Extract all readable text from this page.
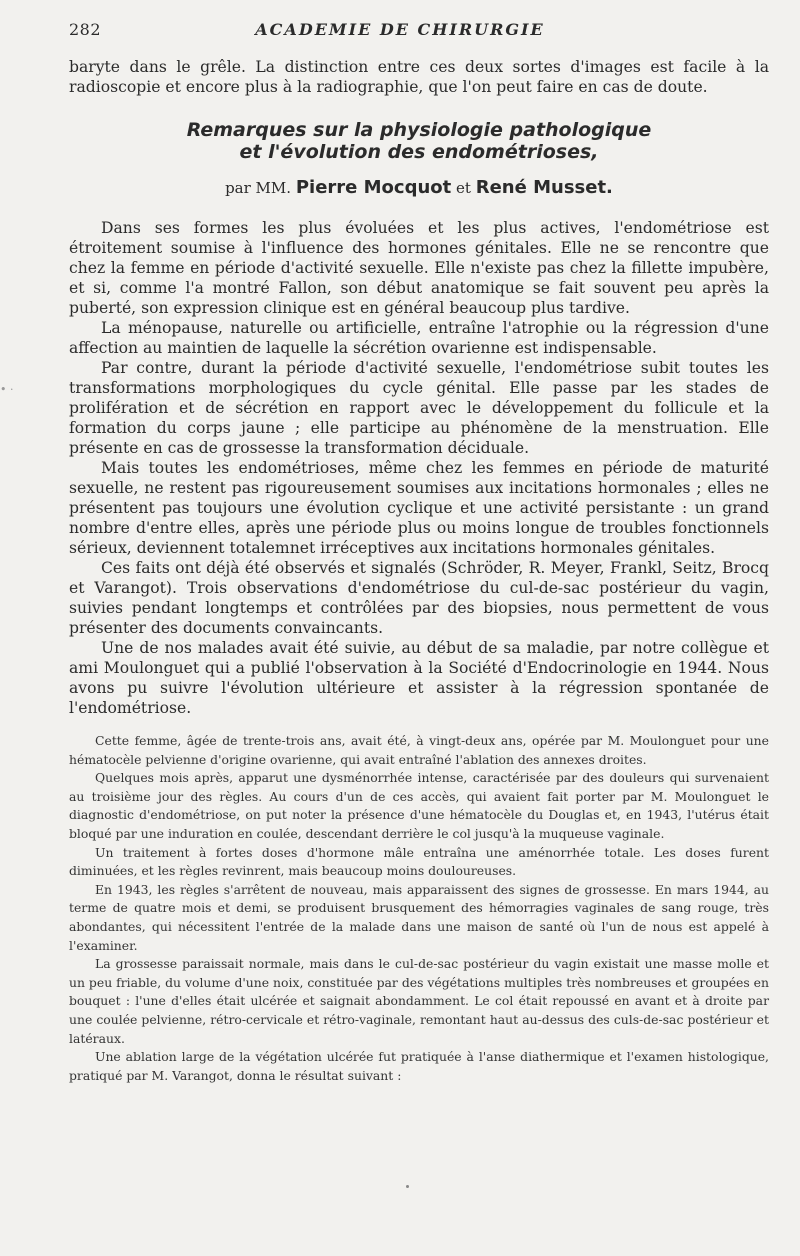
282	ACADEMIE DE CHIRURGIE
• ·

baryte dans le grêle. La distinction entre ces deux sortes d'images est facile à la radioscopie et encore plus à la radiographie, que l'on peut faire en cas de doute.

Remarques sur la physiologie pathologique
et l'évolution des endométrioses,
par MM. Pierre Mocquot et René Musset.

Dans ses formes les plus évoluées et les plus actives, l'endométriose est étroitement soumise à l'influence des hormones génitales. Elle ne se rencontre que chez la femme en période d'activité sexuelle. Elle n'existe pas chez la fillette impubère, et si, comme l'a montré Fallon, son début anatomique se fait souvent peu après la puberté, son expression clinique est en général beaucoup plus tardive.

La ménopause, naturelle ou artificielle, entraîne l'atrophie ou la régression d'une affection au maintien de laquelle la sécrétion ovarienne est indispensable.

Par contre, durant la période d'activité sexuelle, l'endométriose subit toutes les transformations morphologiques du cycle génital. Elle passe par les stades de prolifération et de sécrétion en rapport avec le développement du follicule et la formation du corps jaune ; elle participe au phénomène de la menstruation. Elle présente en cas de grossesse la transformation déciduale.

Mais toutes les endométrioses, même chez les femmes en période de maturité sexuelle, ne restent pas rigoureusement soumises aux incitations hormonales ; elles ne présentent pas toujours une évolution cyclique et une activité persistante : un grand nombre d'entre elles, après une période plus ou moins longue de troubles fonctionnels sérieux, deviennent totalemnet irréceptives aux incitations hormonales génitales.

Ces faits ont déjà été observés et signalés (Schröder, R. Meyer, Frankl, Seitz, Brocq et Varangot). Trois observations d'endométriose du cul-de-sac postérieur du vagin, suivies pendant longtemps et contrôlées par des biopsies, nous permettent de vous présenter des documents convaincants.

Une de nos malades avait été suivie, au début de sa maladie, par notre collègue et ami Moulonguet qui a publié l'observation à la Société d'Endocrinologie en 1944. Nous avons pu suivre l'évolution ultérieure et assister à la régression spontanée de l'endométriose.

Cette femme, âgée de trente-trois ans, avait été, à vingt-deux ans, opérée par M. Moulonguet pour une hématocèle pelvienne d'origine ovarienne, qui avait entraîné l'ablation des annexes droites.

Quelques mois après, apparut une dysménorrhée intense, caractérisée par des douleurs qui survenaient au troisième jour des règles. Au cours d'un de ces accès, qui avaient fait porter par M. Moulonguet le diagnostic d'endométriose, on put noter la présence d'une hématocèle du Douglas et, en 1943, l'utérus était bloqué par une induration en coulée, descendant derrière le col jusqu'à la muqueuse vaginale.

Un traitement à fortes doses d'hormone mâle entraîna une aménorrhée totale. Les doses furent diminuées, et les règles revinrent, mais beaucoup moins douloureuses.

En 1943, les règles s'arrêtent de nouveau, mais apparaissent des signes de grossesse. En mars 1944, au terme de quatre mois et demi, se produisent brusquement des hémorragies vaginales de sang rouge, très abondantes, qui nécessitent l'entrée de la malade dans une maison de santé où l'un de nous est appelé à l'examiner.

La grossesse paraissait normale, mais dans le cul-de-sac postérieur du vagin existait une masse molle et un peu friable, du volume d'une noix, constituée par des végétations multiples très nombreuses et groupées en bouquet : l'une d'elles était ulcérée et saignait abondamment. Le col était repoussé en avant et à droite par une coulée pelvienne, rétro-cervicale et rétro-vaginale, remontant haut au-dessus des culs-de-sac postérieur et latéraux.

Une ablation large de la végétation ulcérée fut pratiquée à l'anse diathermique et l'examen histologique, pratiqué par M. Varangot, donna le résultat suivant :
